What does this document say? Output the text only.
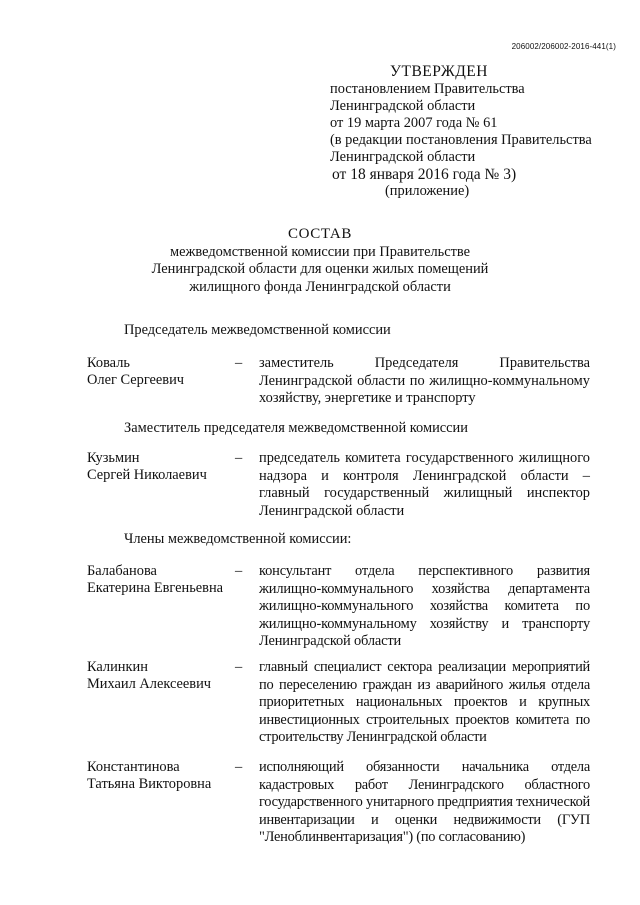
206002/206002-2016-441(1)
УТВЕРЖДЕН
постановлением Правительства
Ленинградской области
от 19 марта 2007 года № 61
(в редакции постановления Правительства
Ленинградской области
от 18 января 2016 года № 3)
(приложение)
СОСТАВ
межведомственной комиссии при Правительстве
Ленинградской области для оценки жилых помещений
жилищного фонда Ленинградской области
Председатель межведомственной комиссии
Коваль
Олег Сергеевич
– заместитель Председателя Правительства Ленинградской области по жилищно-коммунальному хозяйству, энергетике и транспорту
Заместитель председателя межведомственной комиссии
Кузьмин
Сергей Николаевич
– председатель комитета государственного жилищного надзора и контроля Ленинградской области – главный государственный жилищный инспектор Ленинградской области
Члены межведомственной комиссии:
Балабанова
Екатерина Евгеньевна
– консультант отдела перспективного развития жилищно-коммунального хозяйства департамента жилищно-коммунального хозяйства комитета по жилищно-коммунальному хозяйству и транспорту Ленинградской области
Калинкин
Михаил Алексеевич
– главный специалист сектора реализации мероприятий по переселению граждан из аварийного жилья отдела приоритетных национальных проектов и крупных инвестиционных строительных проектов комитета по строительству Ленинградской области
Константинова
Татьяна Викторовна
– исполняющий обязанности начальника отдела кадастровых работ Ленинградского областного государственного унитарного предприятия технической инвентаризации и оценки недвижимости (ГУП "Леноблинвентаризация") (по согласованию)
